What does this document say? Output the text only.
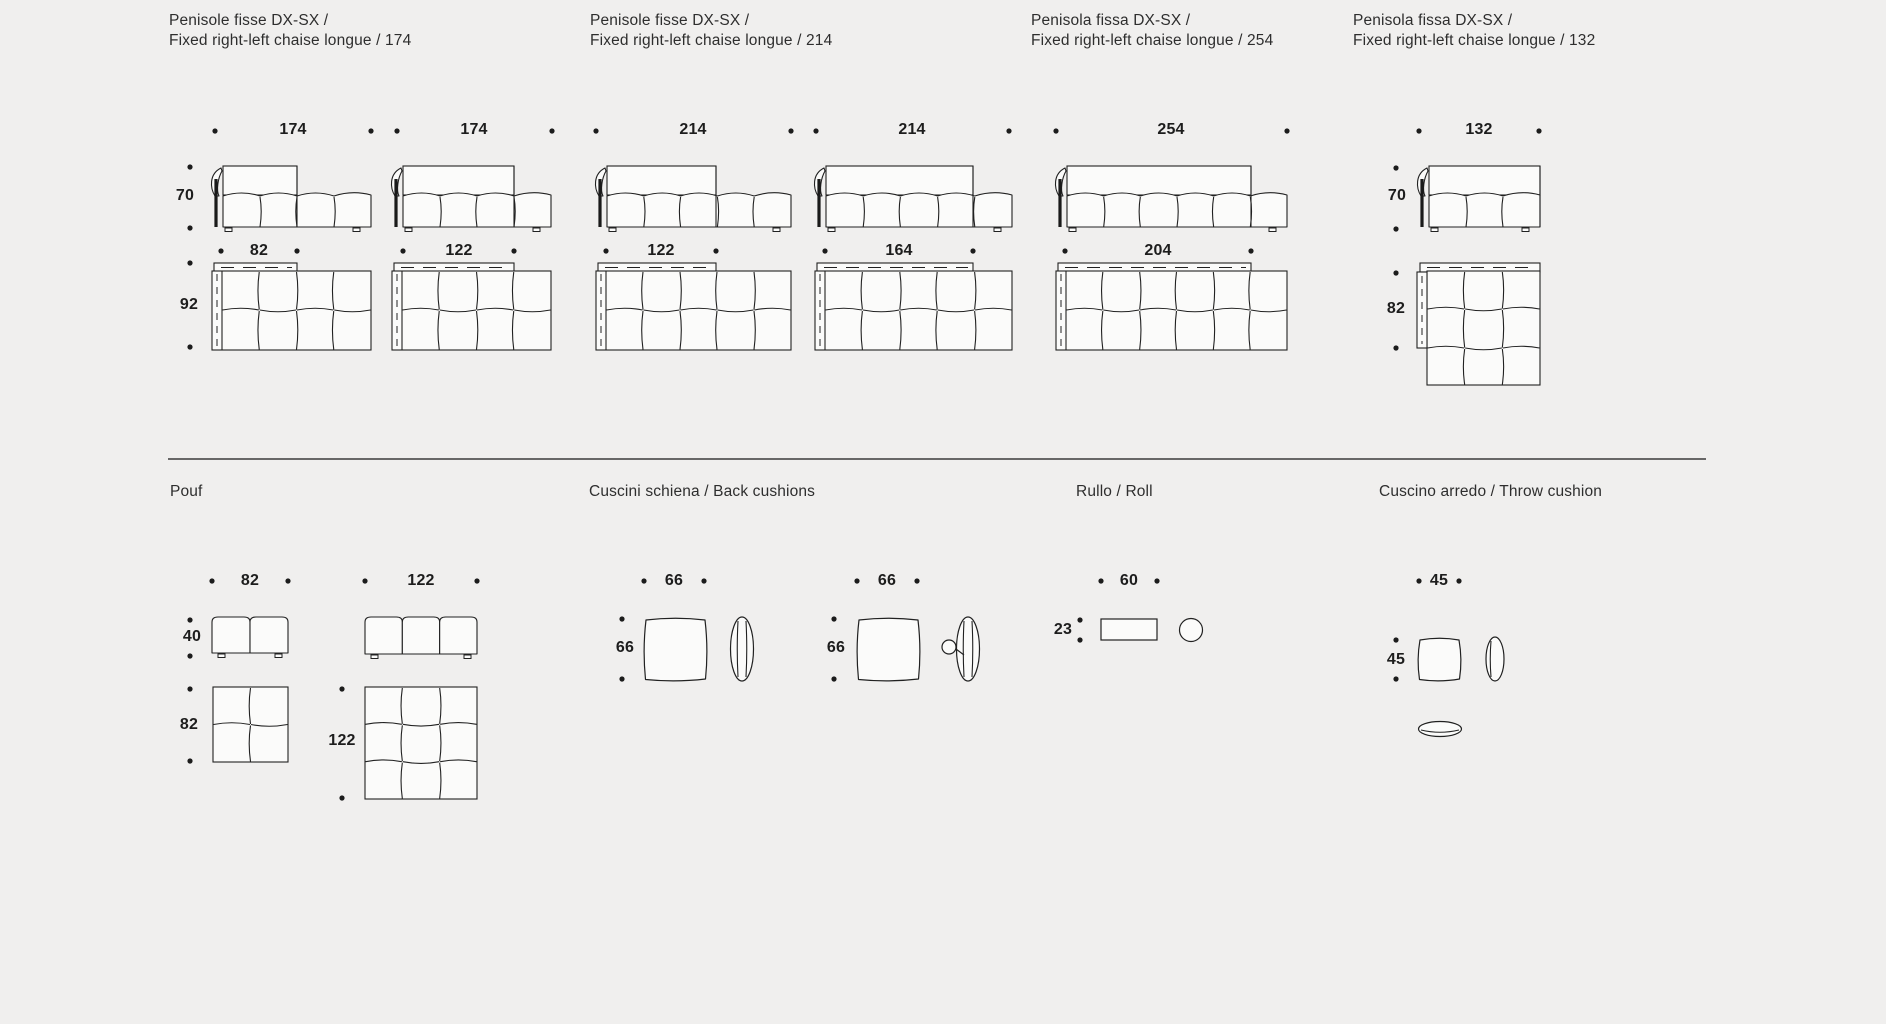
Penisole fisse DX-SX /
Fixed right-left chaise longue / 174
Penisole fisse DX-SX /
Fixed right-left chaise longue / 214
Penisola fissa DX-SX /
Fixed right-left chaise longue / 254
Penisola fissa DX-SX /
Fixed right-left chaise longue / 132
174	174	214	214	254	132
82	122	122	164	204
70
92
70
82
Pouf	Cuscini schiena / Back cushions	Rullo / Roll	Cuscino arredo / Throw cushion
82
40
82
122
122
66
66
66
66
60
23
45
45
